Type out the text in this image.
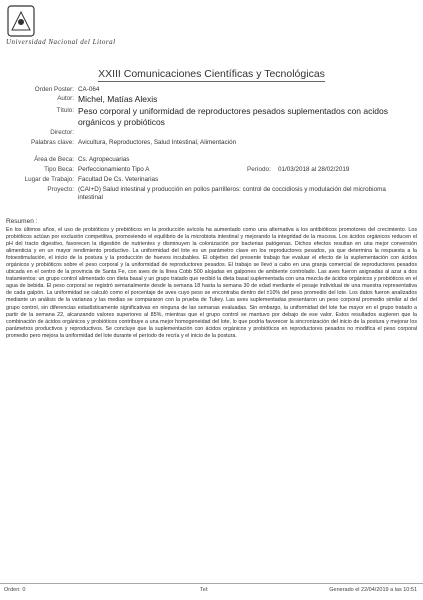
Universidad Nacional del Litoral
XXIII Comunicaciones Científicas y Tecnológicas
Orden Poster: CA-064
Autor: Michel, Matías Alexis
Título: Peso corporal y uniformidad de reproductores pesados suplementados con acidos orgánicos y probióticos
Director:
Palabras clave: Avicultura, Reproductores, Salud Intestinal, Alimentación
Área de Beca: Cs. Agropecuarias
Tipo Beca: Perfeccionamiento Tipo A	Período: 01/03/2018 al 28/02/2019
Lugar de Trabajo: Facultad De Cs. Veterinarias
Proyecto: (CAI+D) Salud intestinal y producción en pollos parrilleros: control de coccidiosis y modulación del microbioma intestinal
Resumen :
En los últimos años, el uso de probióticos y prebióticos en la producción avícola ha aumentado como una alternativa a los antibióticos promotores del crecimiento. Los probióticos actúan por exclusión competitiva, promoviendo el equilibrio de la microbiota intestinal y mejorando la integridad de la mucosa. Los ácidos orgánicos reducen el pH del tracto digestivo, favorecen la digestión de nutrientes y disminuyen la colonización por bacterias patógenas. Dichos efectos resultan en una mejor conversión alimenticia y en un mayor rendimiento productivo. La uniformidad del lote es un parámetro clave en los reproductores pesados, ya que determina la respuesta a la fotoestimulación, el inicio de la postura y la producción de huevos incubables. El objetivo del presente trabajo fue evaluar el efecto de la suplementación con ácidos orgánicos y probióticos sobre el peso corporal y la uniformidad de reproductores pesados. El trabajo se llevó a cabo en una granja comercial de reproductores pesados ubicada en el centro de la provincia de Santa Fe, con aves de la línea Cobb 500 alojadas en galpones de ambiente controlado. Las aves fueron asignadas al azar a dos tratamientos: un grupo control alimentado con dieta basal y un grupo tratado que recibió la dieta basal suplementada con una mezcla de ácidos orgánicos y probióticos en el agua de bebida. El peso corporal se registró semanalmente desde la semana 18 hasta la semana 30 de edad mediante el pesaje individual de una muestra representativa de cada galpón. La uniformidad se calculó como el porcentaje de aves cuyo peso se encontraba dentro del ±10% del peso promedio del lote. Los datos fueron analizados mediante un análisis de la varianza y las medias se compararon con la prueba de Tukey. Las aves suplementadas presentaron un peso corporal promedio similar al del grupo control, sin diferencias estadísticamente significativas en ninguna de las semanas evaluadas. Sin embargo, la uniformidad del lote fue mayor en el grupo tratado a partir de la semana 22, alcanzando valores superiores al 85%, mientras que el grupo control se mantuvo por debajo de ese valor. Estos resultados sugieren que la combinación de ácidos orgánicos y probióticos contribuye a una mejor homogeneidad del lote, lo que podría favorecer la sincronización del inicio de la postura y mejorar los parámetros productivos y reproductivos. Se concluye que la suplementación con ácidos orgánicos y probióticos en reproductores pesados no modifica el peso corporal promedio pero mejora la uniformidad del lote durante el período de recría y el inicio de la postura.
Orden: 0	Tel:	Generado el 22/04/2019 a las 10:51
